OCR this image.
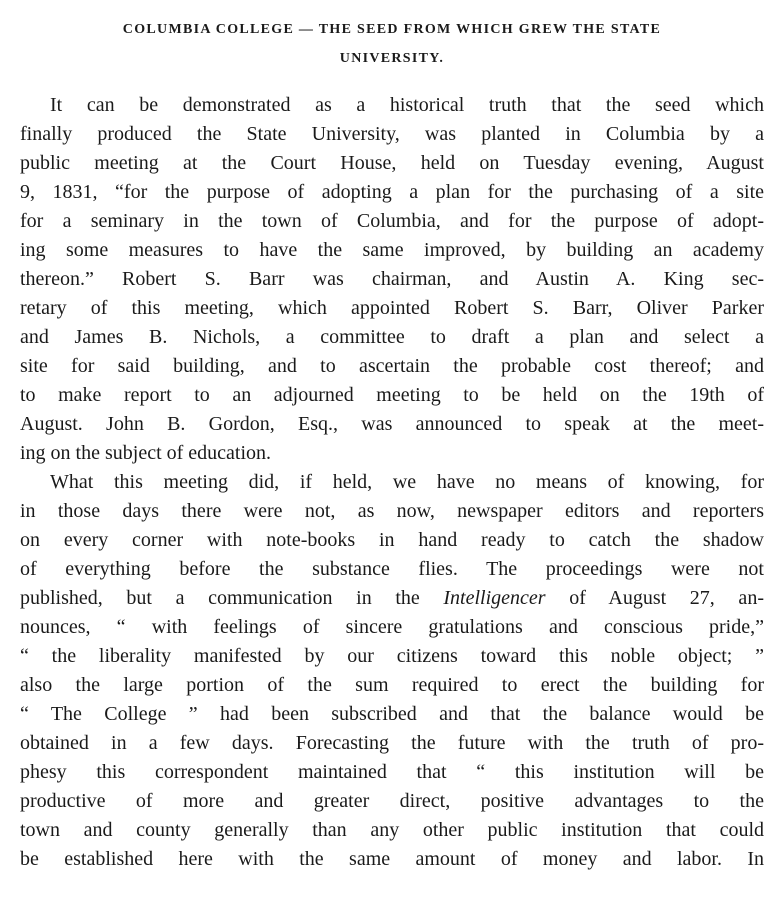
COLUMBIA COLLEGE — THE SEED FROM WHICH GREW THE STATE
UNIVERSITY.
It can be demonstrated as a historical truth that the seed which
finally produced the State University, was planted in Columbia by a
public meeting at the Court House, held on Tuesday evening, August
9, 1831, “for the purpose of adopting a plan for the purchasing of a site
for a seminary in the town of Columbia, and for the purpose of adopt-
ing some measures to have the same improved, by building an academy
thereon.” Robert S. Barr was chairman, and Austin A. King sec-
retary of this meeting, which appointed Robert S. Barr, Oliver Parker
and James B. Nichols, a committee to draft a plan and select a
site for said building, and to ascertain the probable cost thereof; and
to make report to an adjourned meeting to be held on the 19th of
August. John B. Gordon, Esq., was announced to speak at the meet-
ing on the subject of education.
What this meeting did, if held, we have no means of knowing, for
in those days there were not, as now, newspaper editors and reporters
on every corner with note-books in hand ready to catch the shadow
of everything before the substance flies. The proceedings were not
published, but a communication in the Intelligencer of August 27, an-
nounces, “ with feelings of sincere gratulations and conscious pride,”
“ the liberality manifested by our citizens toward this noble object; ”
also the large portion of the sum required to erect the building for
“ The College ” had been subscribed and that the balance would be
obtained in a few days. Forecasting the future with the truth of pro-
phesy this correspondent maintained that “ this institution will be
productive of more and greater direct, positive advantages to the
town and county generally than any other public institution that could
be established here with the same amount of money and labor. In
